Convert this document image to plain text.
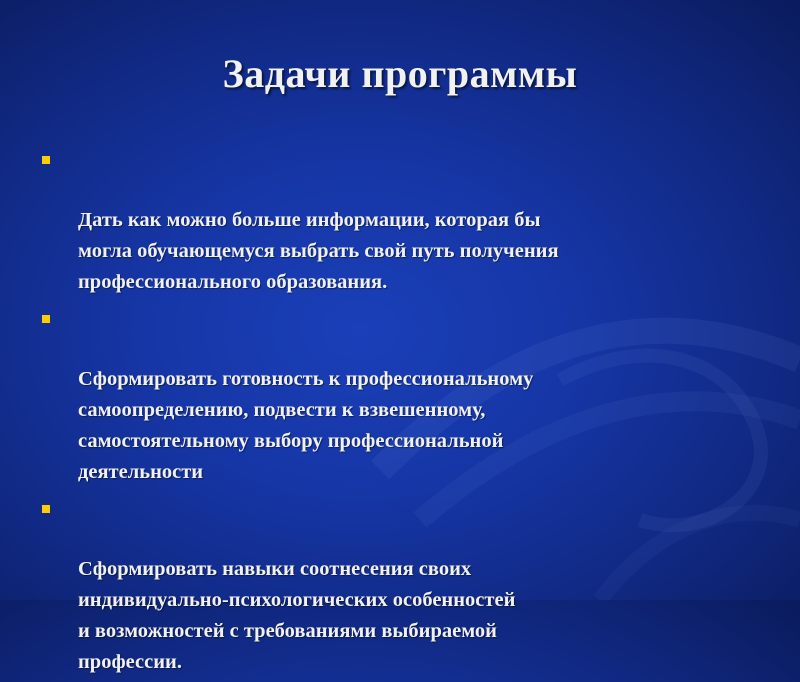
Задачи программы

Дать как можно больше информации, которая бы
могла обучающемуся выбрать свой путь получения
профессионального образования.

Сформировать готовность к профессиональному
самоопределению, подвести к взвешенному,
самостоятельному выбору профессиональной
деятельности

Сформировать навыки соотнесения своих
индивидуально-психологических особенностей
и возможностей с требованиями выбираемой
профессии.
